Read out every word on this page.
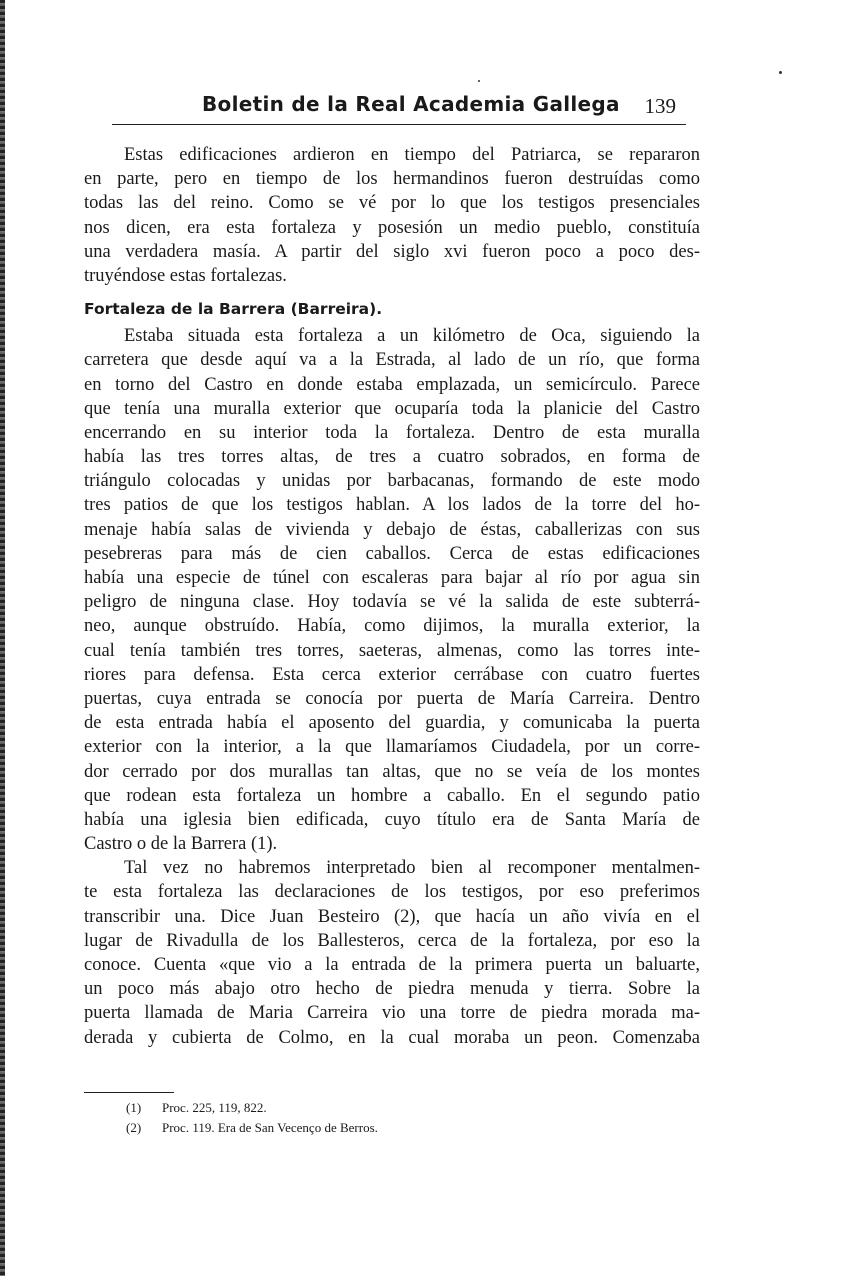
Boletin de la Real Academia Gallega 139
Estas edificaciones ardieron en tiempo del Patriarca, se repararon
en parte, pero en tiempo de los hermandinos fueron destruídas como
todas las del reino. Como se vé por lo que los testigos presenciales
nos dicen, era esta fortaleza y posesión un medio pueblo, constituía
una verdadera masía. A partir del siglo xvi fueron poco a poco des-
truyéndose estas fortalezas.
Fortaleza de la Barrera (Barreira).
Estaba situada esta fortaleza a un kilómetro de Oca, siguiendo la
carretera que desde aquí va a la Estrada, al lado de un río, que forma
en torno del Castro en donde estaba emplazada, un semicírculo. Parece
que tenía una muralla exterior que ocuparía toda la planicie del Castro
encerrando en su interior toda la fortaleza. Dentro de esta muralla
había las tres torres altas, de tres a cuatro sobrados, en forma de
triángulo colocadas y unidas por barbacanas, formando de este modo
tres patios de que los testigos hablan. A los lados de la torre del ho-
menaje había salas de vivienda y debajo de éstas, caballerizas con sus
pesebreras para más de cien caballos. Cerca de estas edificaciones
había una especie de túnel con escaleras para bajar al río por agua sin
peligro de ninguna clase. Hoy todavía se vé la salida de este subterrá-
neo, aunque obstruído. Había, como dijimos, la muralla exterior, la
cual tenía también tres torres, saeteras, almenas, como las torres inte-
riores para defensa. Esta cerca exterior cerrábase con cuatro fuertes
puertas, cuya entrada se conocía por puerta de María Carreira. Dentro
de esta entrada había el aposento del guardia, y comunicaba la puerta
exterior con la interior, a la que llamaríamos Ciudadela, por un corre-
dor cerrado por dos murallas tan altas, que no se veía de los montes
que rodean esta fortaleza un hombre a caballo. En el segundo patio
había una iglesia bien edificada, cuyo título era de Santa María de
Castro o de la Barrera (1).
Tal vez no habremos interpretado bien al recomponer mentalmen-
te esta fortaleza las declaraciones de los testigos, por eso preferimos
transcribir una. Dice Juan Besteiro (2), que hacía un año vivía en el
lugar de Rivadulla de los Ballesteros, cerca de la fortaleza, por eso la
conoce. Cuenta «que vio a la entrada de la primera puerta un baluarte,
un poco más abajo otro hecho de piedra menuda y tierra. Sobre la
puerta llamada de Maria Carreira vio una torre de piedra morada ma-
derada y cubierta de Colmo, en la cual moraba un peon. Comenzaba
(1) Proc. 225, 119, 822.
(2) Proc. 119. Era de San Vecenço de Berros.
